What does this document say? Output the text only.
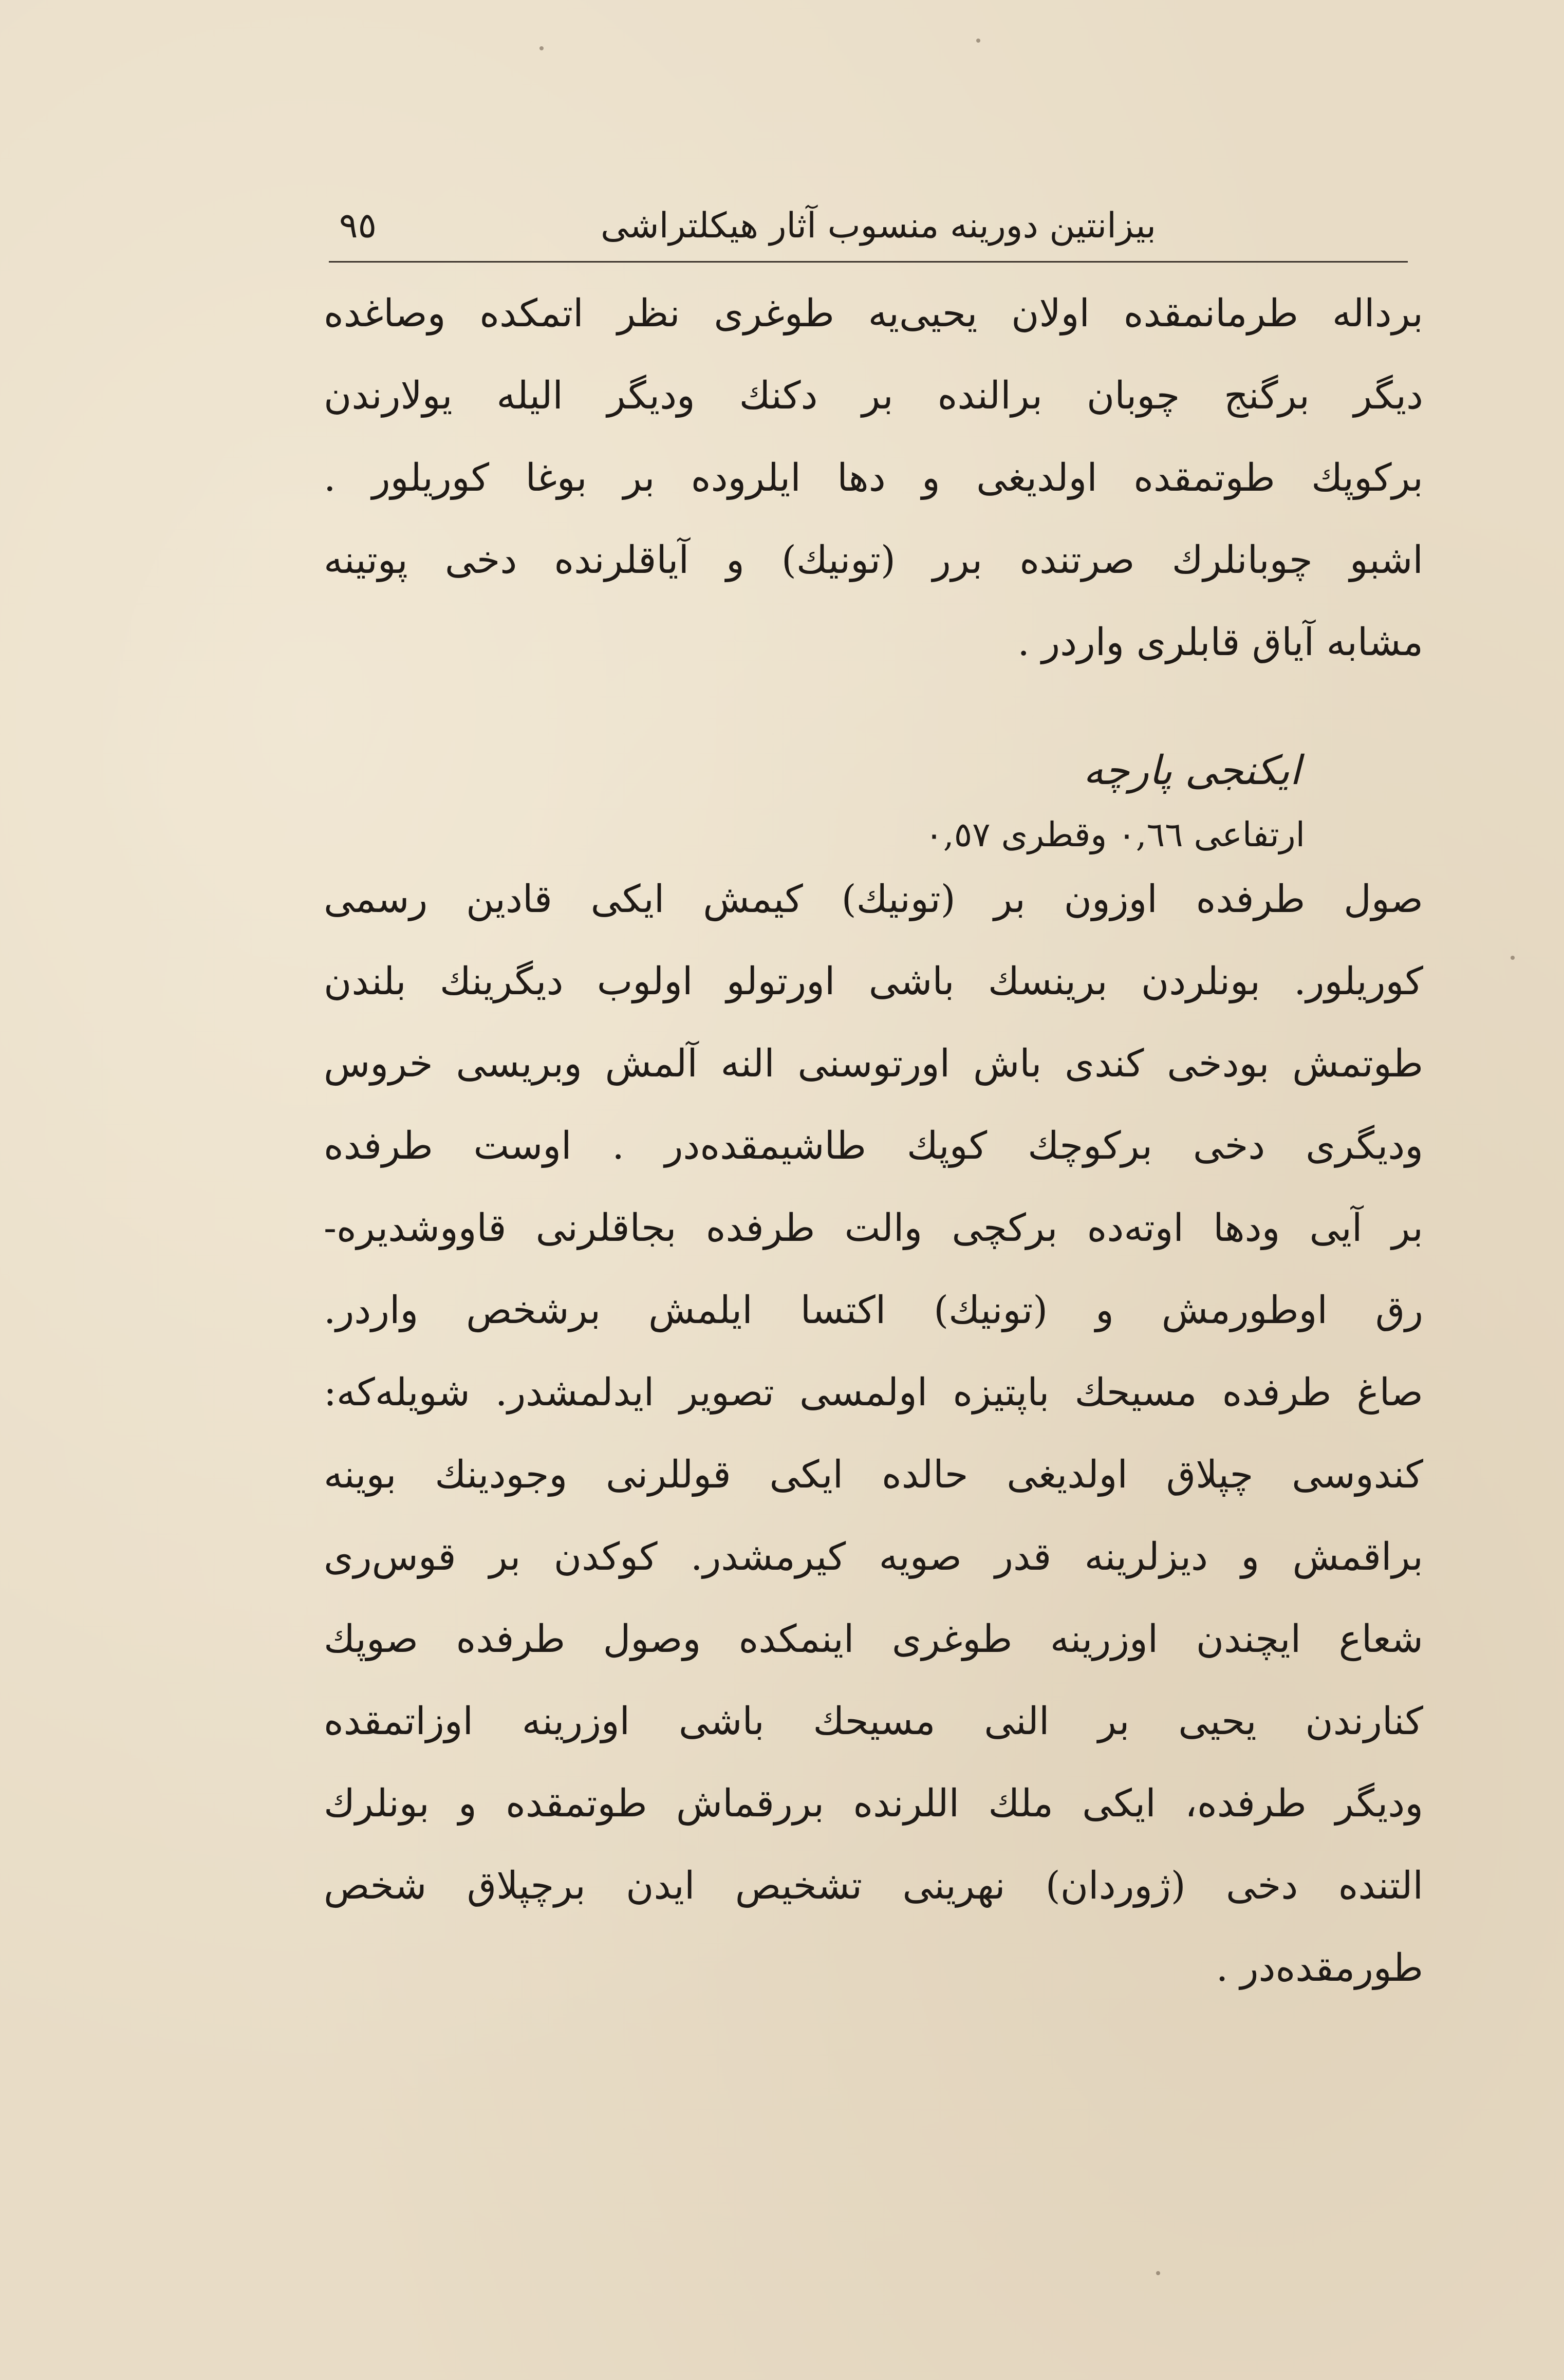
٩٥	بیزانتین دورینه منسوب آثار هیکلتراشی
برداله طرمانمقده اولان یحیی‌یه طوغری نظر اتمکده وصاغده
دیگر برگنج چوبان برالنده بر دکنك ودیگر الیله یولارندن
برکوپك طوتمقده اولدیغی و دها ایلروده بر بوغا کوریلور .
اشبو چوبانلرك صرتنده برر (تونیك) و آیاقلرنده دخی پوتینه
مشابه آیاق قابلری واردر .
ایکنجی پارچه
ارتفاعی ۰,٦٦ وقطری ۰,٥٧
صول طرفده اوزون بر (تونیك) کیمش ایکی قادین رسمی
کوریلور. بونلردن برینسك باشی اورتولو اولوب دیگرینك بلندن
طوتمش بودخی کندی باش اورتوسنی النه آلمش وبریسی خروس
ودیگری دخی برکوچك کوپك طاشیمقده‌در . اوست طرفده
بر آیی ودها اوته‌ده برکچی والت طرفده بجاقلرنی قاووشدیره-
رق اوطورمش و (تونیك) اکتسا ایلمش برشخص واردر.
صاغ طرفده مسیحك باپتیزه اولمسی تصویر ایدلمشدر. شویله‌که:
کندوسی چپلاق اولدیغی حالده ایکی قوللرنی وجودینك بوینه
براقمش و دیزلرینه قدر صویه کیرمشدر. کوکدن بر قوس‌ری
شعاع ایچندن اوزرینه طوغری اینمکده وصول طرفده صوپك
کنارندن یحیی بر النی مسیحك باشی اوزرینه اوزاتمقده
ودیگر طرفده، ایکی ملك اللرنده بررقماش طوتمقده و بونلرك
التنده دخی (ژوردان) نهرینی تشخیص ایدن برچپلاق شخص
طورمقده‌در .
